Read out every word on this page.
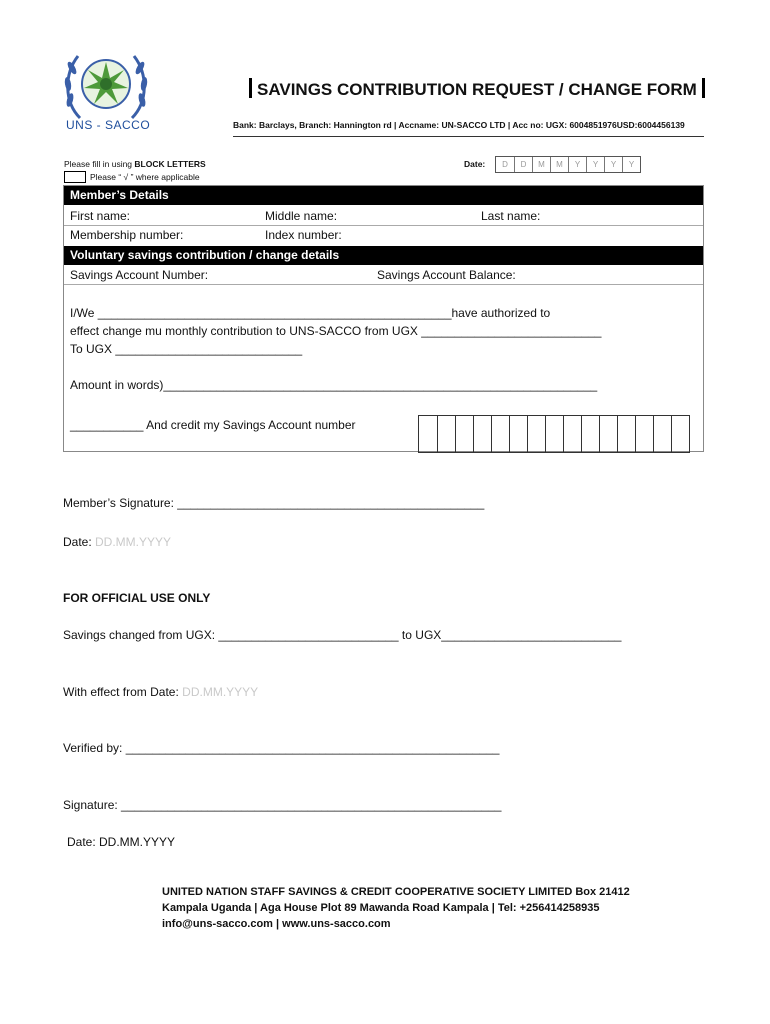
UNS - SACCO
SAVINGS CONTRIBUTION REQUEST / CHANGE FORM
Bank: Barclays, Branch: Hannington rd | Accname: UN-SACCO LTD | Acc no: UGX: 6004851976USD:6004456139
Please fill in using BLOCK LETTERS
Please “ √ ” where applicable
Date:	D	D	M	M	Y	Y	Y	Y
Member’s Details
First name:	Middle name:	Last name:
Membership number:	Index number:
Voluntary savings contribution / change details
Savings Account Number:	Savings Account Balance:
I/We _____________________________________________________have authorized to
effect change mu monthly contribution to UNS-SACCO from UGX ___________________________
To UGX ____________________________
Amount in words)_________________________________________________________________
___________ And credit my Savings Account number
Member’s Signature: ______________________________________________
Date: DD.MM.YYYY
FOR OFFICIAL USE ONLY
Savings changed from UGX: ___________________________ to UGX___________________________
With effect from Date: DD.MM.YYYY
Verified by: ________________________________________________________
Signature: _________________________________________________________
Date: DD.MM.YYYY
UNITED NATION STAFF SAVINGS & CREDIT COOPERATIVE SOCIETY LIMITED Box 21412
Kampala Uganda | Aga House Plot 89 Mawanda Road Kampala | Tel: +256414258935
info@uns-sacco.com | www.uns-sacco.com
